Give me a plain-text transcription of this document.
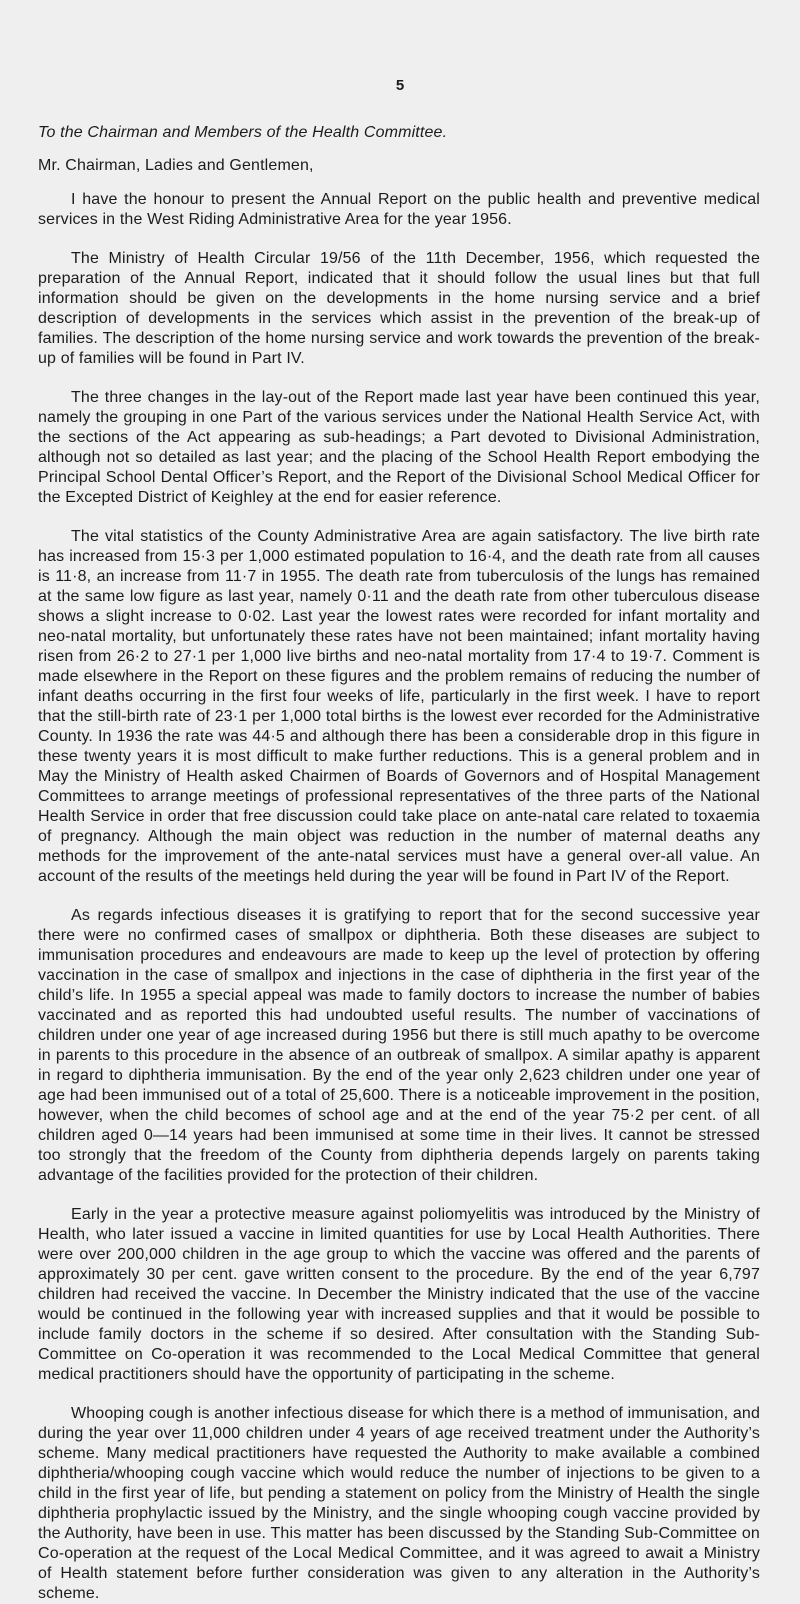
5

To the Chairman and Members of the Health Committee.

Mr. Chairman, Ladies and Gentlemen,

I have the honour to present the Annual Report on the public health and preventive medical services in the West Riding Administrative Area for the year 1956.

The Ministry of Health Circular 19/56 of the 11th December, 1956, which requested the preparation of the Annual Report, indicated that it should follow the usual lines but that full information should be given on the developments in the home nursing service and a brief description of developments in the services which assist in the prevention of the break-up of families. The description of the home nursing service and work towards the prevention of the break-up of families will be found in Part IV.

The three changes in the lay-out of the Report made last year have been continued this year, namely the grouping in one Part of the various services under the National Health Service Act, with the sections of the Act appearing as sub-headings; a Part devoted to Divisional Administration, although not so detailed as last year; and the placing of the School Health Report embodying the Principal School Dental Officer’s Report, and the Report of the Divisional School Medical Officer for the Excepted District of Keighley at the end for easier reference.

The vital statistics of the County Administrative Area are again satisfactory. The live birth rate has increased from 15·3 per 1,000 estimated population to 16·4, and the death rate from all causes is 11·8, an increase from 11·7 in 1955. The death rate from tuberculosis of the lungs has remained at the same low figure as last year, namely 0·11 and the death rate from other tuberculous disease shows a slight increase to 0·02. Last year the lowest rates were recorded for infant mortality and neo-natal mortality, but unfortunately these rates have not been maintained; infant mortality having risen from 26·2 to 27·1 per 1,000 live births and neo-natal mortality from 17·4 to 19·7. Comment is made elsewhere in the Report on these figures and the problem remains of reducing the number of infant deaths occurring in the first four weeks of life, particularly in the first week. I have to report that the still-birth rate of 23·1 per 1,000 total births is the lowest ever recorded for the Administrative County. In 1936 the rate was 44·5 and although there has been a considerable drop in this figure in these twenty years it is most difficult to make further reductions. This is a general problem and in May the Ministry of Health asked Chairmen of Boards of Governors and of Hospital Management Committees to arrange meetings of professional representatives of the three parts of the National Health Service in order that free discussion could take place on ante-natal care related to toxaemia of pregnancy. Although the main object was reduction in the number of maternal deaths any methods for the improvement of the ante-natal services must have a general over-all value. An account of the results of the meetings held during the year will be found in Part IV of the Report.

As regards infectious diseases it is gratifying to report that for the second successive year there were no confirmed cases of smallpox or diphtheria. Both these diseases are subject to immunisation procedures and endeavours are made to keep up the level of protection by offering vaccination in the case of smallpox and injections in the case of diphtheria in the first year of the child’s life. In 1955 a special appeal was made to family doctors to increase the number of babies vaccinated and as reported this had undoubted useful results. The number of vaccinations of children under one year of age increased during 1956 but there is still much apathy to be overcome in parents to this procedure in the absence of an outbreak of smallpox. A similar apathy is apparent in regard to diphtheria immunisation. By the end of the year only 2,623 children under one year of age had been immunised out of a total of 25,600. There is a noticeable improvement in the position, however, when the child becomes of school age and at the end of the year 75·2 per cent. of all children aged 0—14 years had been immunised at some time in their lives. It cannot be stressed too strongly that the freedom of the County from diphtheria depends largely on parents taking advantage of the facilities provided for the protection of their children.

Early in the year a protective measure against poliomyelitis was introduced by the Ministry of Health, who later issued a vaccine in limited quantities for use by Local Health Authorities. There were over 200,000 children in the age group to which the vaccine was offered and the parents of approximately 30 per cent. gave written consent to the procedure. By the end of the year 6,797 children had received the vaccine. In December the Ministry indicated that the use of the vaccine would be continued in the following year with increased supplies and that it would be possible to include family doctors in the scheme if so desired. After consultation with the Standing Sub-Committee on Co-operation it was recommended to the Local Medical Committee that general medical practitioners should have the opportunity of participating in the scheme.

Whooping cough is another infectious disease for which there is a method of immunisation, and during the year over 11,000 children under 4 years of age received treatment under the Authority’s scheme. Many medical practitioners have requested the Authority to make available a combined diphtheria/whooping cough vaccine which would reduce the number of injections to be given to a child in the first year of life, but pending a statement on policy from the Ministry of Health the single diphtheria prophylactic issued by the Ministry, and the single whooping cough vaccine provided by the Authority, have been in use. This matter has been discussed by the Standing Sub-Committee on Co-operation at the request of the Local Medical Committee, and it was agreed to await a Ministry of Health statement before further consideration was given to any alteration in the Authority’s scheme.
